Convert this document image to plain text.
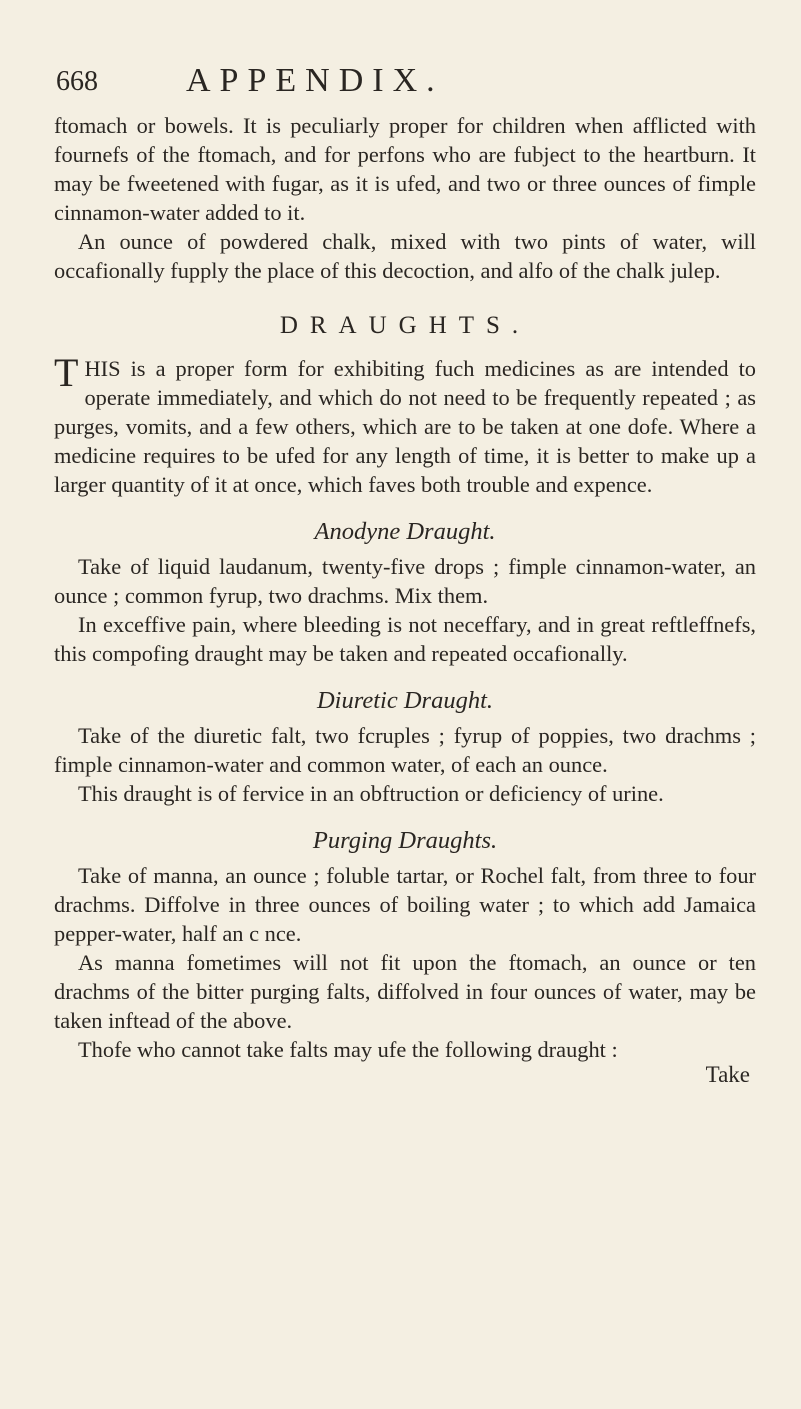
668	APPENDIX.

ftomach or bowels. It is peculiarly proper for children when afflicted with fournefs of the ftomach, and for perfons who are fubject to the heartburn. It may be fweetened with fugar, as it is ufed, and two or three ounces of fimple cinnamon-water added to it.

An ounce of powdered chalk, mixed with two pints of water, will occafionally fupply the place of this decoction, and alfo of the chalk julep.

DRAUGHTS.

THIS is a proper form for exhibiting fuch medicines as are intended to operate immediately, and which do not need to be frequently repeated ; as purges, vomits, and a few others, which are to be taken at one dofe. Where a medicine requires to be ufed for any length of time, it is better to make up a larger quantity of it at once, which faves both trouble and expence.

Anodyne Draught.

Take of liquid laudanum, twenty-five drops ; fimple cinnamon-water, an ounce ; common fyrup, two drachms. Mix them.

In exceffive pain, where bleeding is not neceffary, and in great reftleffnefs, this compofing draught may be taken and repeated occafionally.

Diuretic Draught.

Take of the diuretic falt, two fcruples ; fyrup of poppies, two drachms ; fimple cinnamon-water and common water, of each an ounce.

This draught is of fervice in an obftruction or deficiency of urine.

Purging Draughts.

Take of manna, an ounce ; foluble tartar, or Rochel falt, from three to four drachms. Diffolve in three ounces of boiling water ; to which add Jamaica pepper-water, half an c nce.

As manna fometimes will not fit upon the ftomach, an ounce or ten drachms of the bitter purging falts, diffolved in four ounces of water, may be taken inftead of the above.

Thofe who cannot take falts may ufe the following draught :

Take
